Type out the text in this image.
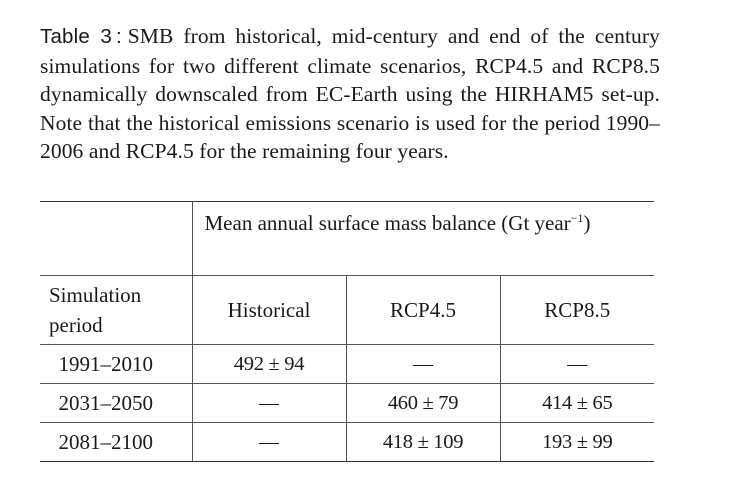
Table 3 : SMB from historical, mid-century and end of the century simulations for two different climate scenarios, RCP4.5 and RCP8.5 dynamically downscaled from EC-Earth using the HIRHAM5 set-up. Note that the historical emissions scenario is used for the period 1990–2006 and RCP4.5 for the remaining four years.
	Mean annual surface mass balance (Gt year$^{-1}$)		
Simulation period	Historical	RCP4.5	RCP8.5
1991–2010	492 ± 94	—	—
2031–2050	—	460 ± 79	414 ± 65
2081–2100	—	418 ± 109	193 ± 99
